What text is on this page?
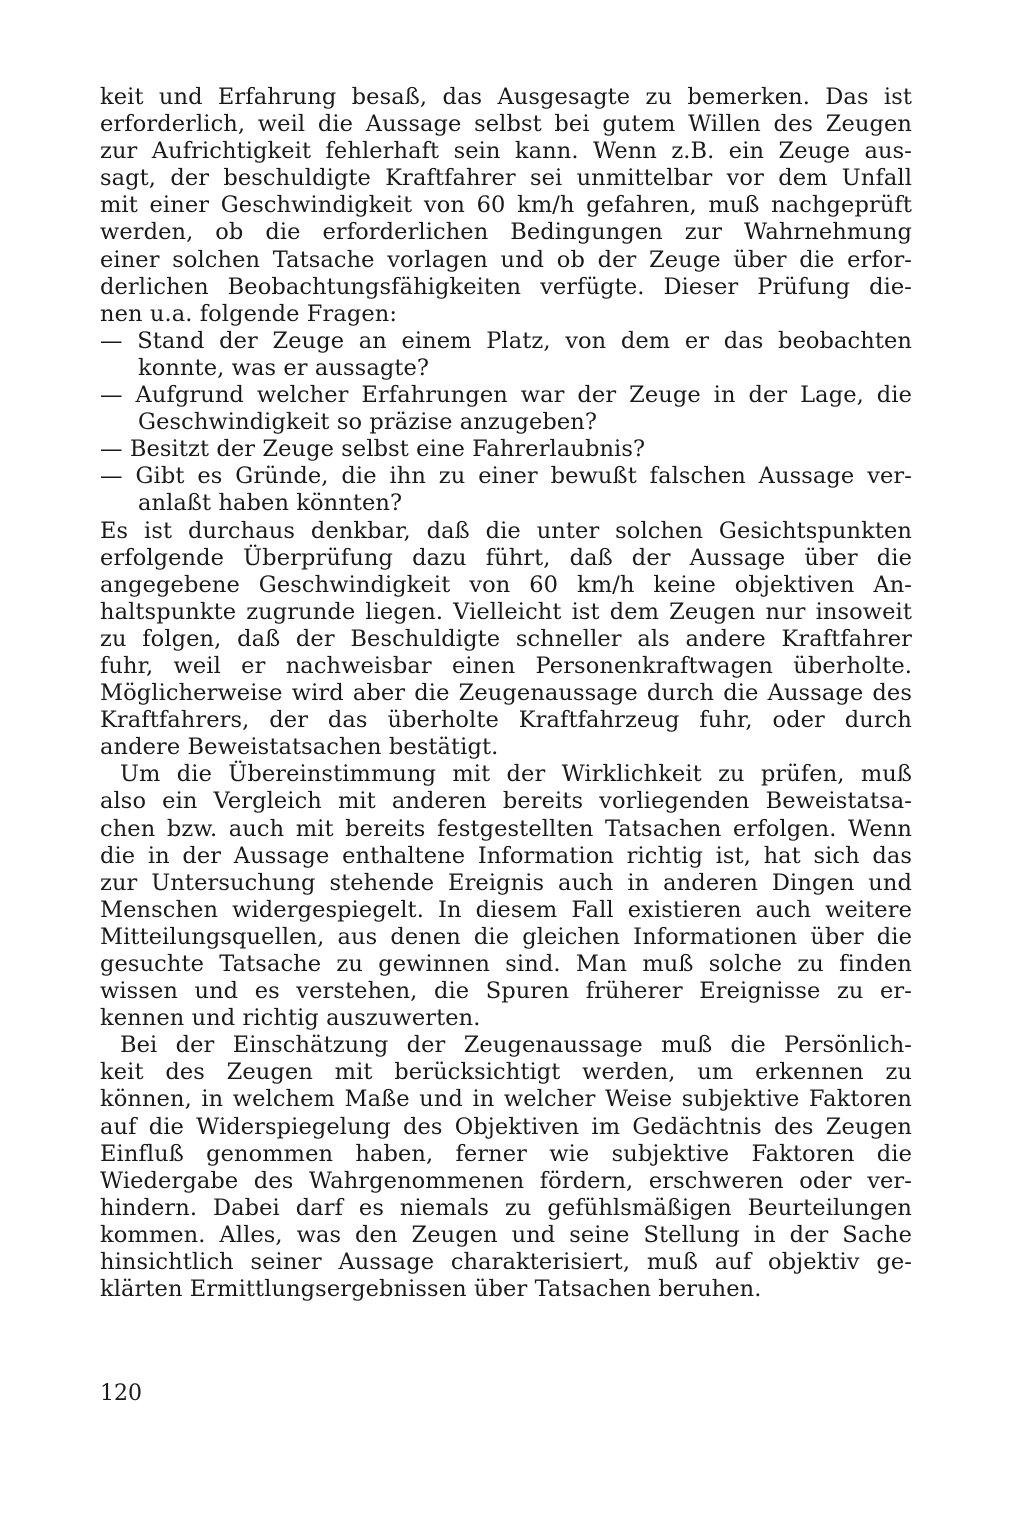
keit und Erfahrung besaß, das Ausgesagte zu bemerken. Das ist
erforderlich, weil die Aussage selbst bei gutem Willen des Zeugen
zur Aufrichtigkeit fehlerhaft sein kann. Wenn z.B. ein Zeuge aus-
sagt, der beschuldigte Kraftfahrer sei unmittelbar vor dem Unfall
mit einer Geschwindigkeit von 60 km/h gefahren, muß nachgeprüft
werden, ob die erforderlichen Bedingungen zur Wahrnehmung
einer solchen Tatsache vorlagen und ob der Zeuge über die erfor-
derlichen Beobachtungsfähigkeiten verfügte. Dieser Prüfung die-
nen u.a. folgende Fragen:
— Stand der Zeuge an einem Platz, von dem er das beobachten
konnte, was er aussagte?
— Aufgrund welcher Erfahrungen war der Zeuge in der Lage, die
Geschwindigkeit so präzise anzugeben?
— Besitzt der Zeuge selbst eine Fahrerlaubnis?
— Gibt es Gründe, die ihn zu einer bewußt falschen Aussage ver-
anlaßt haben könnten?
Es ist durchaus denkbar, daß die unter solchen Gesichtspunkten
erfolgende Überprüfung dazu führt, daß der Aussage über die
angegebene Geschwindigkeit von 60 km/h keine objektiven An-
haltspunkte zugrunde liegen. Vielleicht ist dem Zeugen nur insoweit
zu folgen, daß der Beschuldigte schneller als andere Kraftfahrer
fuhr, weil er nachweisbar einen Personenkraftwagen überholte.
Möglicherweise wird aber die Zeugenaussage durch die Aussage des
Kraftfahrers, der das überholte Kraftfahrzeug fuhr, oder durch
andere Beweistatsachen bestätigt.
Um die Übereinstimmung mit der Wirklichkeit zu prüfen, muß
also ein Vergleich mit anderen bereits vorliegenden Beweistatsa-
chen bzw. auch mit bereits festgestellten Tatsachen erfolgen. Wenn
die in der Aussage enthaltene Information richtig ist, hat sich das
zur Untersuchung stehende Ereignis auch in anderen Dingen und
Menschen widergespiegelt. In diesem Fall existieren auch weitere
Mitteilungsquellen, aus denen die gleichen Informationen über die
gesuchte Tatsache zu gewinnen sind. Man muß solche zu finden
wissen und es verstehen, die Spuren früherer Ereignisse zu er-
kennen und richtig auszuwerten.
Bei der Einschätzung der Zeugenaussage muß die Persönlich-
keit des Zeugen mit berücksichtigt werden, um erkennen zu
können, in welchem Maße und in welcher Weise subjektive Faktoren
auf die Widerspiegelung des Objektiven im Gedächtnis des Zeugen
Einfluß genommen haben, ferner wie subjektive Faktoren die
Wiedergabe des Wahrgenommenen fördern, erschweren oder ver-
hindern. Dabei darf es niemals zu gefühlsmäßigen Beurteilungen
kommen. Alles, was den Zeugen und seine Stellung in der Sache
hinsichtlich seiner Aussage charakterisiert, muß auf objektiv ge-
klärten Ermittlungsergebnissen über Tatsachen beruhen.
120
